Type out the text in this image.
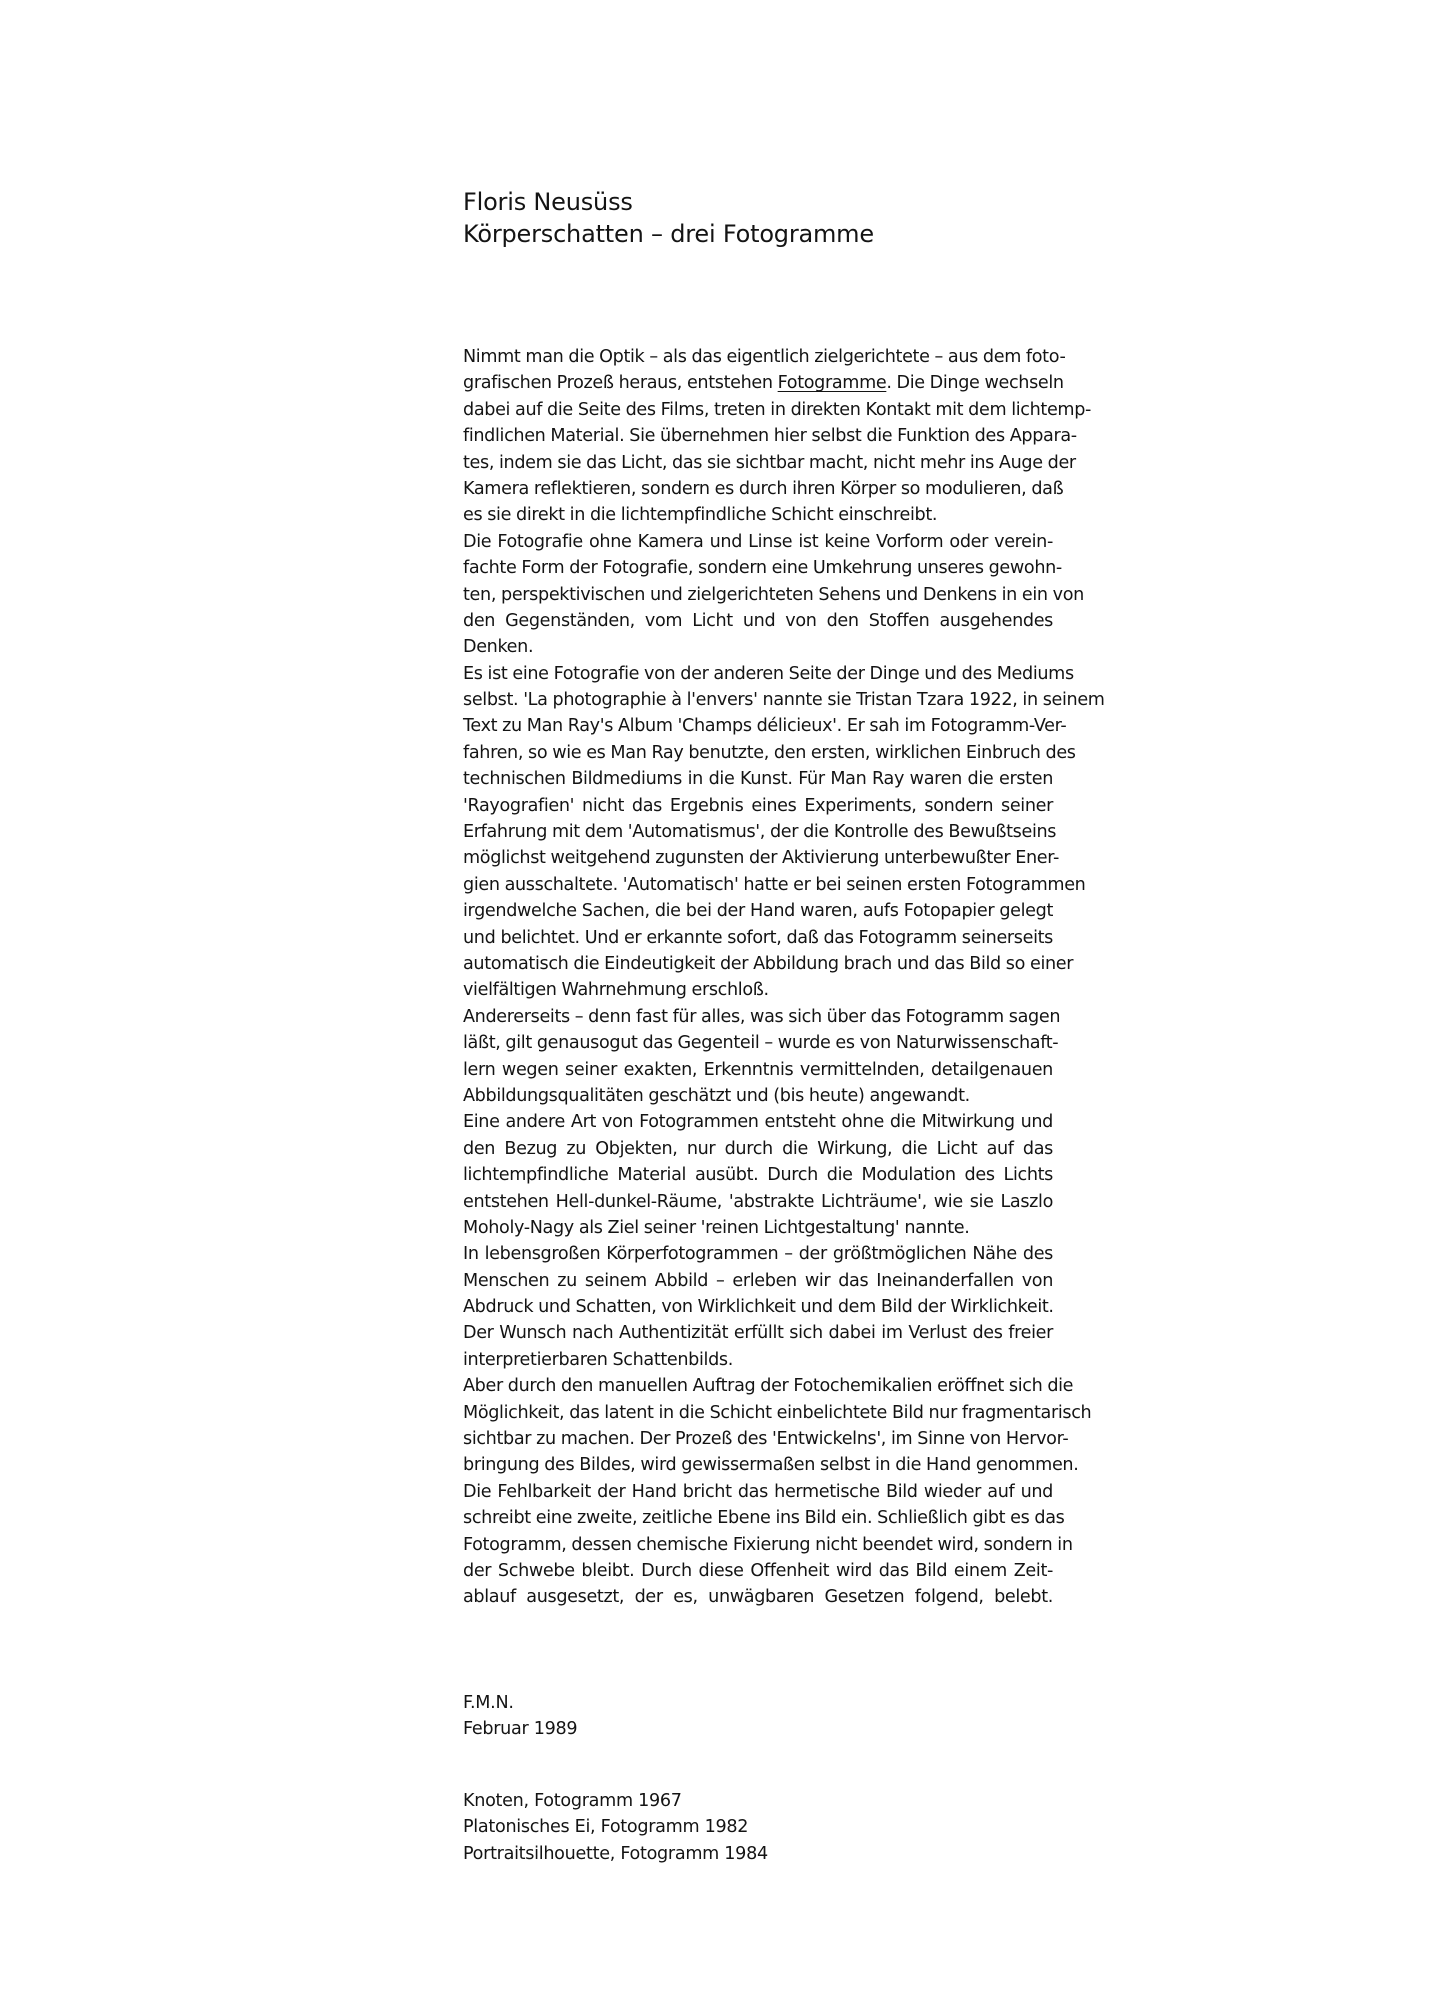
Floris Neusüss
Körperschatten – drei Fotogramme
Nimmt man die Optik – als das eigentlich zielgerichtete – aus dem foto-
grafischen Prozeß heraus, entstehen Fotogramme. Die Dinge wechseln
dabei auf die Seite des Films, treten in direkten Kontakt mit dem lichtemp-
findlichen Material. Sie übernehmen hier selbst die Funktion des Appara-
tes, indem sie das Licht, das sie sichtbar macht, nicht mehr ins Auge der
Kamera reflektieren, sondern es durch ihren Körper so modulieren, daß
es sie direkt in die lichtempfindliche Schicht einschreibt.
Die Fotografie ohne Kamera und Linse ist keine Vorform oder verein-
fachte Form der Fotografie, sondern eine Umkehrung unseres gewohn-
ten, perspektivischen und zielgerichteten Sehens und Denkens in ein von
den Gegenständen, vom Licht und von den Stoffen ausgehendes
Denken.
Es ist eine Fotografie von der anderen Seite der Dinge und des Mediums
selbst. 'La photographie à l'envers' nannte sie Tristan Tzara 1922, in seinem
Text zu Man Ray's Album 'Champs délicieux'. Er sah im Fotogramm-Ver-
fahren, so wie es Man Ray benutzte, den ersten, wirklichen Einbruch des
technischen Bildmediums in die Kunst. Für Man Ray waren die ersten
'Rayografien' nicht das Ergebnis eines Experiments, sondern seiner
Erfahrung mit dem 'Automatismus', der die Kontrolle des Bewußtseins
möglichst weitgehend zugunsten der Aktivierung unterbewußter Ener-
gien ausschaltete. 'Automatisch' hatte er bei seinen ersten Fotogrammen
irgendwelche Sachen, die bei der Hand waren, aufs Fotopapier gelegt
und belichtet. Und er erkannte sofort, daß das Fotogramm seinerseits
automatisch die Eindeutigkeit der Abbildung brach und das Bild so einer
vielfältigen Wahrnehmung erschloß.
Andererseits – denn fast für alles, was sich über das Fotogramm sagen
läßt, gilt genausogut das Gegenteil – wurde es von Naturwissenschaft-
lern wegen seiner exakten, Erkenntnis vermittelnden, detailgenauen
Abbildungsqualitäten geschätzt und (bis heute) angewandt.
Eine andere Art von Fotogrammen entsteht ohne die Mitwirkung und
den Bezug zu Objekten, nur durch die Wirkung, die Licht auf das
lichtempfindliche Material ausübt. Durch die Modulation des Lichts
entstehen Hell-dunkel-Räume, 'abstrakte Lichträume', wie sie Laszlo
Moholy-Nagy als Ziel seiner 'reinen Lichtgestaltung' nannte.
In lebensgroßen Körperfotogrammen – der größtmöglichen Nähe des
Menschen zu seinem Abbild – erleben wir das Ineinanderfallen von
Abdruck und Schatten, von Wirklichkeit und dem Bild der Wirklichkeit.
Der Wunsch nach Authentizität erfüllt sich dabei im Verlust des freier
interpretierbaren Schattenbilds.
Aber durch den manuellen Auftrag der Fotochemikalien eröffnet sich die
Möglichkeit, das latent in die Schicht einbelichtete Bild nur fragmentarisch
sichtbar zu machen. Der Prozeß des 'Entwickelns', im Sinne von Hervor-
bringung des Bildes, wird gewissermaßen selbst in die Hand genommen.
Die Fehlbarkeit der Hand bricht das hermetische Bild wieder auf und
schreibt eine zweite, zeitliche Ebene ins Bild ein. Schließlich gibt es das
Fotogramm, dessen chemische Fixierung nicht beendet wird, sondern in
der Schwebe bleibt. Durch diese Offenheit wird das Bild einem Zeit-
ablauf ausgesetzt, der es, unwägbaren Gesetzen folgend, belebt.
F.M.N.
Februar 1989
Knoten, Fotogramm 1967
Platonisches Ei, Fotogramm 1982
Portraitsilhouette, Fotogramm 1984
